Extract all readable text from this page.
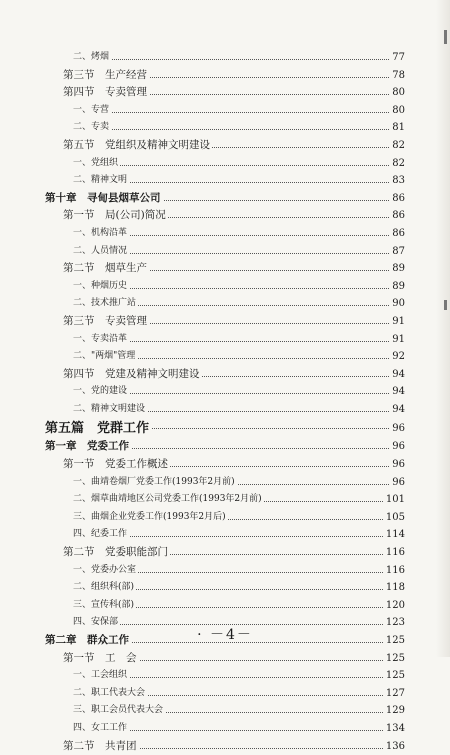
二、烤烟	77
第三节　生产经营	78
第四节　专卖管理	80
一、专营	80
二、专卖	81
第五节　党组织及精神文明建设	82
一、党组织	82
二、精神文明	83
第十章　寻甸县烟草公司	86
第一节　局(公司)简况	86
一、机构沿革	86
二、人员情况	87
第二节　烟草生产	89
一、种烟历史	89
二、技术推广站	90
第三节　专卖管理	91
一、专卖沿革	91
二、"两烟"管理	92
第四节　党建及精神文明建设	94
一、党的建设	94
二、精神文明建设	94
第五篇　党群工作	96
第一章　党委工作	96
第一节　党委工作概述	96
一、曲靖卷烟厂党委工作(1993年2月前)	96
二、烟草曲靖地区公司党委工作(1993年2月前)	101
三、曲烟企业党委工作(1993年2月后)	105
四、纪委工作	114
第二节　党委职能部门	116
一、党委办公室	116
二、组织科(部)	118
三、宣传科(部)	120
四、安保部	123
第二章　群众工作	125
第一节　工　会	125
一、工会组织	125
二、职工代表大会	127
三、职工会员代表大会	129
四、女工工作	134
第二节　共青团	136
· －4－
